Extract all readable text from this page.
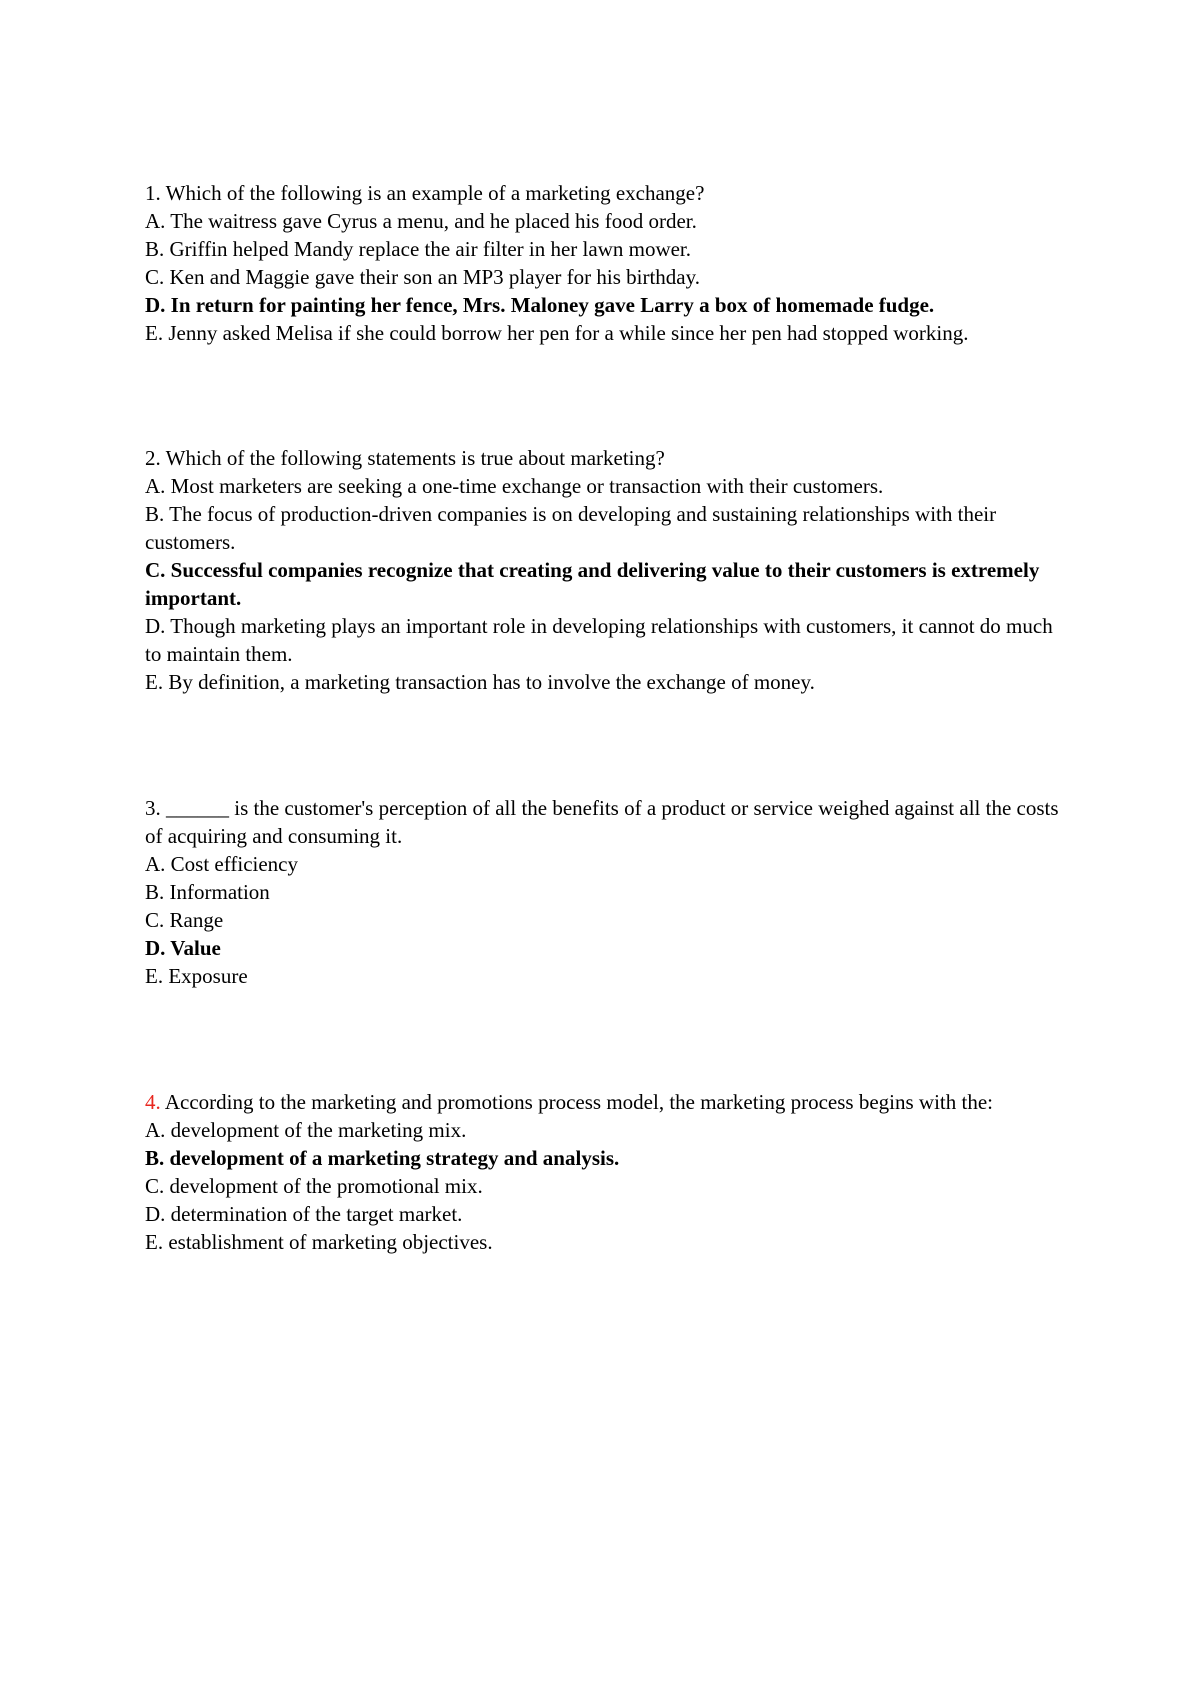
1. Which of the following is an example of a marketing exchange?

A. The waitress gave Cyrus a menu, and he placed his food order.

B. Griffin helped Mandy replace the air filter in her lawn mower.

C. Ken and Maggie gave their son an MP3 player for his birthday.

D. In return for painting her fence, Mrs. Maloney gave Larry a box of homemade fudge.

E. Jenny asked Melisa if she could borrow her pen for a while since her pen had stopped working.

2. Which of the following statements is true about marketing?

A. Most marketers are seeking a one-time exchange or transaction with their customers.

B. The focus of production-driven companies is on developing and sustaining relationships with their customers.

C. Successful companies recognize that creating and delivering value to their customers is extremely important.

D. Though marketing plays an important role in developing relationships with customers, it cannot do much to maintain them.

E. By definition, a marketing transaction has to involve the exchange of money.

3. ______ is the customer's perception of all the benefits of a product or service weighed against all the costs of acquiring and consuming it.

A. Cost efficiency

B. Information

C. Range

D. Value

E. Exposure

4. According to the marketing and promotions process model, the marketing process begins with the:

A. development of the marketing mix.

B. development of a marketing strategy and analysis.

C. development of the promotional mix.

D. determination of the target market.

E. establishment of marketing objectives.
